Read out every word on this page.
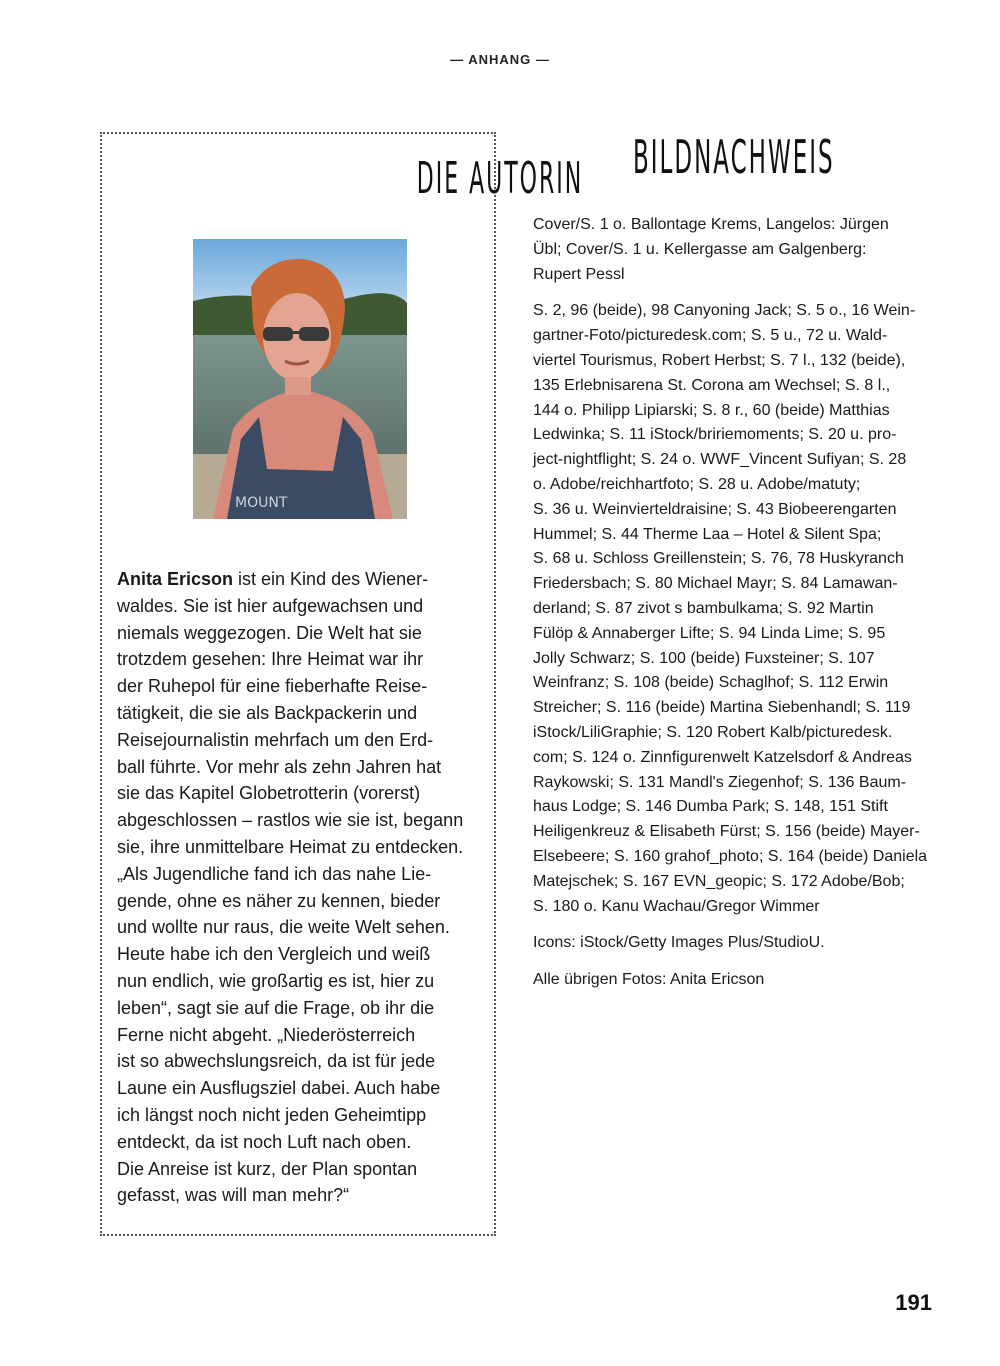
— ANHANG —
DIE AUTORIN
MOUNT
Anita Ericson ist ein Kind des Wiener-
waldes. Sie ist hier aufgewachsen und
niemals weggezogen. Die Welt hat sie
trotzdem gesehen: Ihre Heimat war ihr
der Ruhepol für eine fieberhafte Reise-
tätigkeit, die sie als Backpackerin und
Reisejournalistin mehrfach um den Erd-
ball führte. Vor mehr als zehn Jahren hat
sie das Kapitel Globetrotterin (vorerst)
abgeschlossen – rastlos wie sie ist, begann
sie, ihre unmittelbare Heimat zu entdecken.
„Als Jugendliche fand ich das nahe Lie-
gende, ohne es näher zu kennen, bieder
und wollte nur raus, die weite Welt sehen.
Heute habe ich den Vergleich und weiß
nun endlich, wie großartig es ist, hier zu
leben“, sagt sie auf die Frage, ob ihr die
Ferne nicht abgeht. „Niederösterreich
ist so abwechslungsreich, da ist für jede
Laune ein Ausflugsziel dabei. Auch habe
ich längst noch nicht jeden Geheimtipp
entdeckt, da ist noch Luft nach oben.
Die Anreise ist kurz, der Plan spontan
gefasst, was will man mehr?“
BILDNACHWEIS

Cover/S. 1 o. Ballontage Krems, Langelos: Jürgen
Übl; Cover/S. 1 u. Kellergasse am Galgenberg:
Rupert Pessl

S. 2, 96 (beide), 98 Canyoning Jack; S. 5 o., 16 Wein-
gartner-Foto/picturedesk.com; S. 5 u., 72 u. Wald-
viertel Tourismus, Robert Herbst; S. 7 l., 132 (beide),
135 Erlebnisarena St. Corona am Wechsel; S. 8 l.,
144 o. Philipp Lipiarski; S. 8 r., 60 (beide) Matthias
Ledwinka; S. 11 iStock/bririemoments; S. 20 u. pro-
ject-nightflight; S. 24 o. WWF_Vincent Sufiyan; S. 28
o. Adobe/reichhartfoto; S. 28 u. Adobe/matuty;
S. 36 u. Weinvierteldraisine; S. 43 Biobeerengarten
Hummel; S. 44 Therme Laa – Hotel & Silent Spa;
S. 68 u. Schloss Greillenstein; S. 76, 78 Huskyranch
Friedersbach; S. 80 Michael Mayr; S. 84 Lamawan-
derland; S. 87 zivot s bambulkama; S. 92 Martin
Fülöp & Annaberger Lifte; S. 94 Linda Lime; S. 95
Jolly Schwarz; S. 100 (beide) Fuxsteiner; S. 107
Weinfranz; S. 108 (beide) Schaglhof; S. 112 Erwin
Streicher; S. 116 (beide) Martina Siebenhandl; S. 119
iStock/LiliGraphie; S. 120 Robert Kalb/picturedesk.
com; S. 124 o. Zinnfigurenwelt Katzelsdorf & Andreas
Raykowski; S. 131 Mandl's Ziegenhof; S. 136 Baum-
haus Lodge; S. 146 Dumba Park; S. 148, 151 Stift
Heiligenkreuz & Elisabeth Fürst; S. 156 (beide) Mayer-
Elsebeere; S. 160 grahof_photo; S. 164 (beide) Daniela
Matejschek; S. 167 EVN_geopic; S. 172 Adobe/Bob;
S. 180 o. Kanu Wachau/Gregor Wimmer

Icons: iStock/Getty Images Plus/StudioU.

Alle übrigen Fotos: Anita Ericson

191
